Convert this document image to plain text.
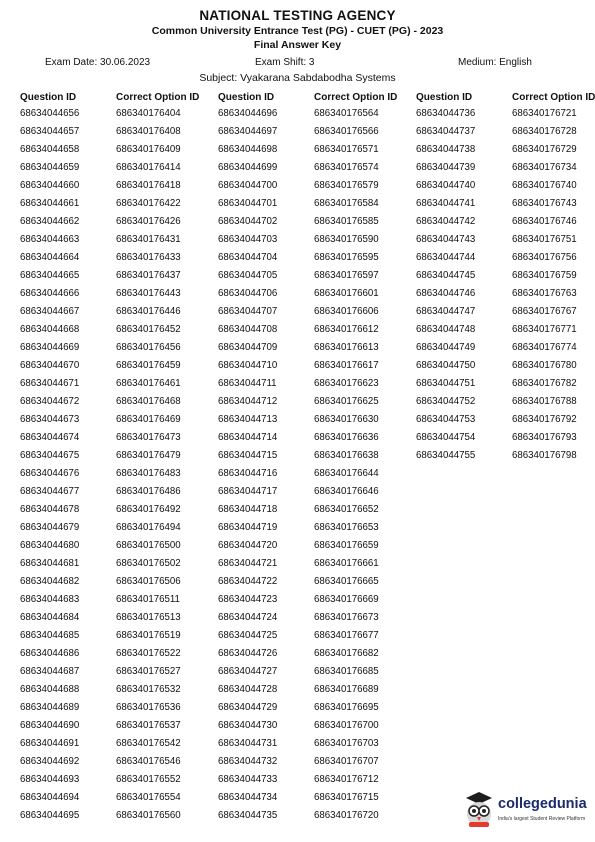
NATIONAL TESTING AGENCY
Common University Entrance Test (PG) - CUET (PG) - 2023
Final Answer Key
Exam Date: 30.06.2023	Exam Shift: 3	Medium: English
Subject: Vyakarana Sabdabodha Systems
Question ID	Correct Option ID
68634044656	686340176404
68634044657	686340176408
68634044658	686340176409
68634044659	686340176414
68634044660	686340176418
68634044661	686340176422
68634044662	686340176426
68634044663	686340176431
68634044664	686340176433
68634044665	686340176437
68634044666	686340176443
68634044667	686340176446
68634044668	686340176452
68634044669	686340176456
68634044670	686340176459
68634044671	686340176461
68634044672	686340176468
68634044673	686340176469
68634044674	686340176473
68634044675	686340176479
68634044676	686340176483
68634044677	686340176486
68634044678	686340176492
68634044679	686340176494
68634044680	686340176500
68634044681	686340176502
68634044682	686340176506
68634044683	686340176511
68634044684	686340176513
68634044685	686340176519
68634044686	686340176522
68634044687	686340176527
68634044688	686340176532
68634044689	686340176536
68634044690	686340176537
68634044691	686340176542
68634044692	686340176546
68634044693	686340176552
68634044694	686340176554
68634044695	686340176560
Question ID	Correct Option ID
68634044696	686340176564
68634044697	686340176566
68634044698	686340176571
68634044699	686340176574
68634044700	686340176579
68634044701	686340176584
68634044702	686340176585
68634044703	686340176590
68634044704	686340176595
68634044705	686340176597
68634044706	686340176601
68634044707	686340176606
68634044708	686340176612
68634044709	686340176613
68634044710	686340176617
68634044711	686340176623
68634044712	686340176625
68634044713	686340176630
68634044714	686340176636
68634044715	686340176638
68634044716	686340176644
68634044717	686340176646
68634044718	686340176652
68634044719	686340176653
68634044720	686340176659
68634044721	686340176661
68634044722	686340176665
68634044723	686340176669
68634044724	686340176673
68634044725	686340176677
68634044726	686340176682
68634044727	686340176685
68634044728	686340176689
68634044729	686340176695
68634044730	686340176700
68634044731	686340176703
68634044732	686340176707
68634044733	686340176712
68634044734	686340176715
68634044735	686340176720
Question ID	Correct Option ID
68634044736	686340176721
68634044737	686340176728
68634044738	686340176729
68634044739	686340176734
68634044740	686340176740
68634044741	686340176743
68634044742	686340176746
68634044743	686340176751
68634044744	686340176756
68634044745	686340176759
68634044746	686340176763
68634044747	686340176767
68634044748	686340176771
68634044749	686340176774
68634044750	686340176780
68634044751	686340176782
68634044752	686340176788
68634044753	686340176792
68634044754	686340176793
68634044755	686340176798
collegedunia
India's largest Student Review Platform
